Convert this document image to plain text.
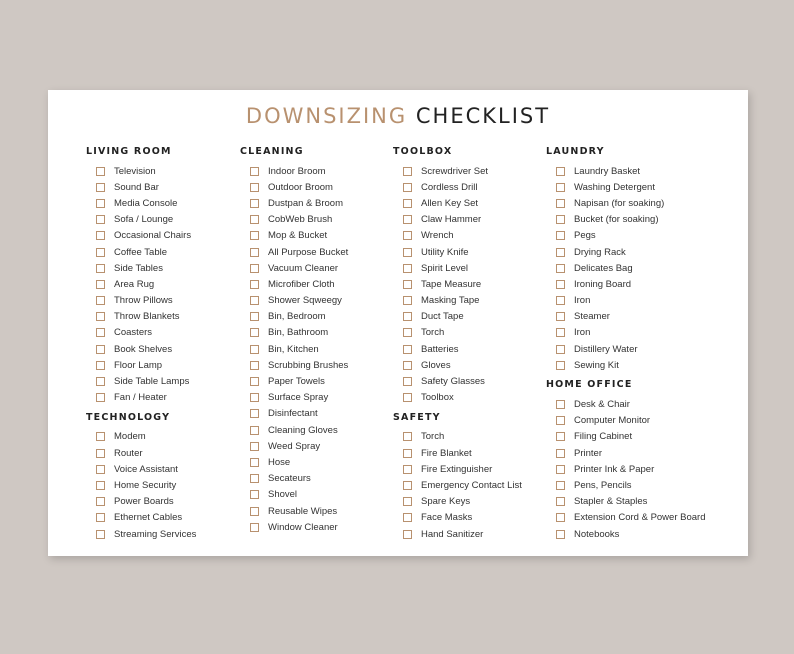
DOWNSIZING CHECKLIST
LIVING ROOM
Television
Sound Bar
Media Console
Sofa / Lounge
Occasional Chairs
Coffee Table
Side Tables
Area Rug
Throw Pillows
Throw Blankets
Coasters
Book Shelves
Floor Lamp
Side Table Lamps
Fan / Heater
TECHNOLOGY
Modem
Router
Voice Assistant
Home Security
Power Boards
Ethernet Cables
Streaming Services
CLEANING
Indoor Broom
Outdoor Broom
Dustpan & Broom
CobWeb Brush
Mop & Bucket
All Purpose Bucket
Vacuum Cleaner
Microfiber Cloth
Shower Sqweegy
Bin, Bedroom
Bin, Bathroom
Bin, Kitchen
Scrubbing Brushes
Paper Towels
Surface Spray
Disinfectant
Cleaning Gloves
Weed Spray
Hose
Secateurs
Shovel
Reusable Wipes
Window Cleaner
TOOLBOX
Screwdriver Set
Cordless Drill
Allen Key Set
Claw Hammer
Wrench
Utility Knife
Spirit Level
Tape Measure
Masking Tape
Duct Tape
Torch
Batteries
Gloves
Safety Glasses
Toolbox
SAFETY
Torch
Fire Blanket
Fire Extinguisher
Emergency Contact List
Spare Keys
Face Masks
Hand Sanitizer
LAUNDRY
Laundry Basket
Washing Detergent
Napisan (for soaking)
Bucket (for soaking)
Pegs
Drying Rack
Delicates Bag
Ironing Board
Iron
Steamer
Iron
Distillery Water
Sewing Kit
HOME OFFICE
Desk & Chair
Computer Monitor
Filing Cabinet
Printer
Printer Ink & Paper
Pens, Pencils
Stapler & Staples
Extension Cord & Power Board
Notebooks
